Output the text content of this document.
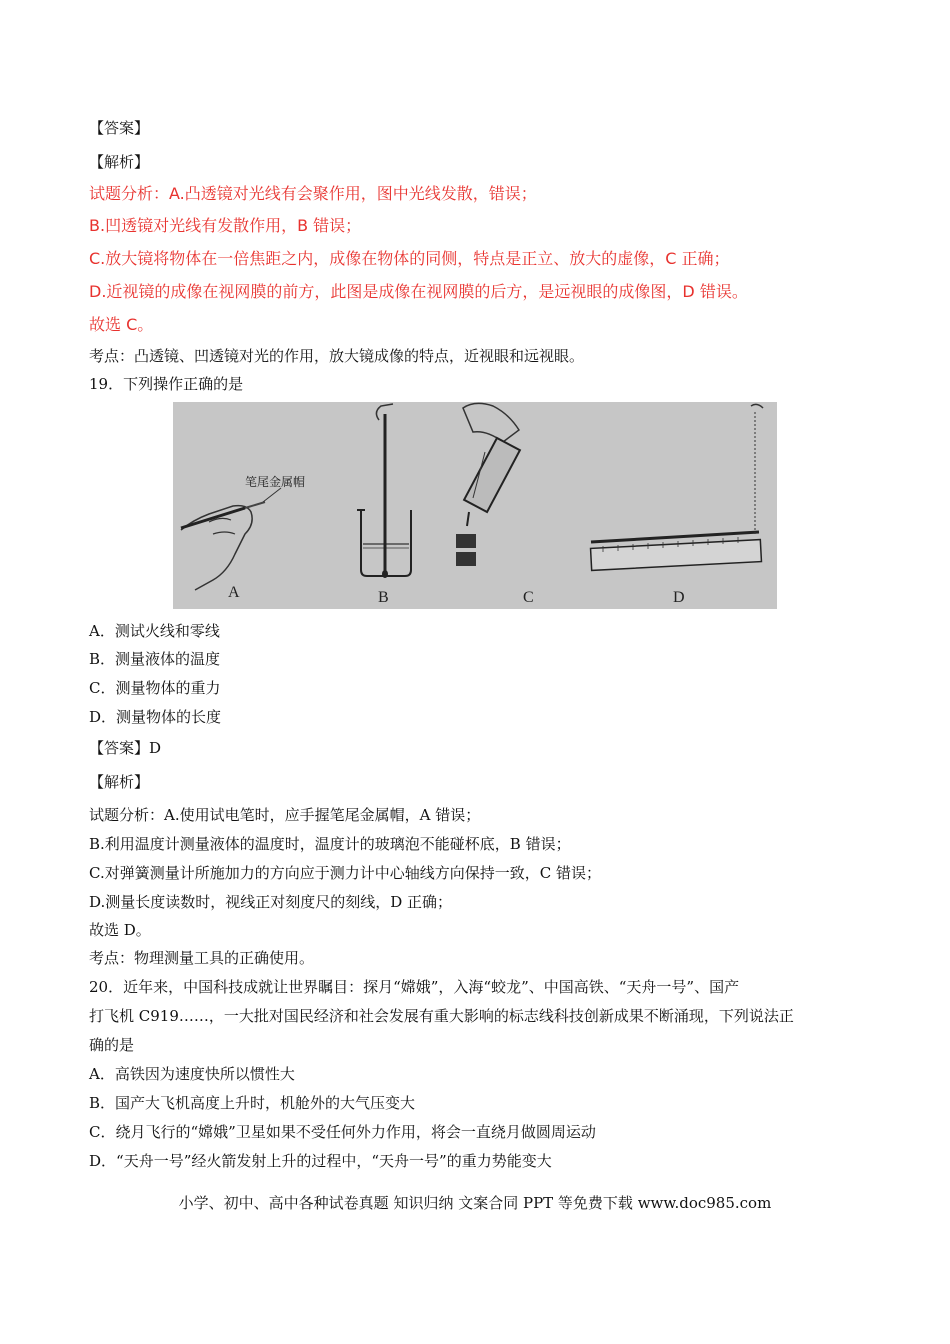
【答案】
【解析】
试题分析：A.凸透镜对光线有会聚作用，图中光线发散，错误；
B.凹透镜对光线有发散作用，B 错误；
C.放大镜将物体在一倍焦距之内，成像在物体的同侧，特点是正立、放大的虚像，C 正确；
D.近视镜的成像在视网膜的前方，此图是成像在视网膜的后方，是远视眼的成像图，D 错误。
故选 C。
考点：凸透镜、凹透镜对光的作用，放大镜成像的特点，近视眼和远视眼。
19．下列操作正确的是
笔尾金属帽
A	B	C	D
A．测试火线和零线
B．测量液体的温度
C．测量物体的重力
D．测量物体的长度
【答案】D
【解析】
试题分析：A.使用试电笔时，应手握笔尾金属帽，A 错误；
B.利用温度计测量液体的温度时，温度计的玻璃泡不能碰杯底，B 错误；
C.对弹簧测量计所施加力的方向应于测力计中心轴线方向保持一致，C 错误；
D.测量长度读数时，视线正对刻度尺的刻线，D 正确；
故选 D。
考点：物理测量工具的正确使用。
20．近年来，中国科技成就让世界瞩目：探月“嫦娥”，入海“蛟龙”、中国高铁、“天舟一号”、国产
打飞机 C919……，一大批对国民经济和社会发展有重大影响的标志线科技创新成果不断涌现，下列说法正
确的是
A．高铁因为速度快所以惯性大
B．国产大飞机高度上升时，机舱外的大气压变大
C．绕月飞行的“嫦娥”卫星如果不受任何外力作用，将会一直绕月做圆周运动
D．“天舟一号”经火箭发射上升的过程中，“天舟一号”的重力势能变大
小学、初中、高中各种试卷真题 知识归纳 文案合同 PPT 等免费下载 www.doc985.com
